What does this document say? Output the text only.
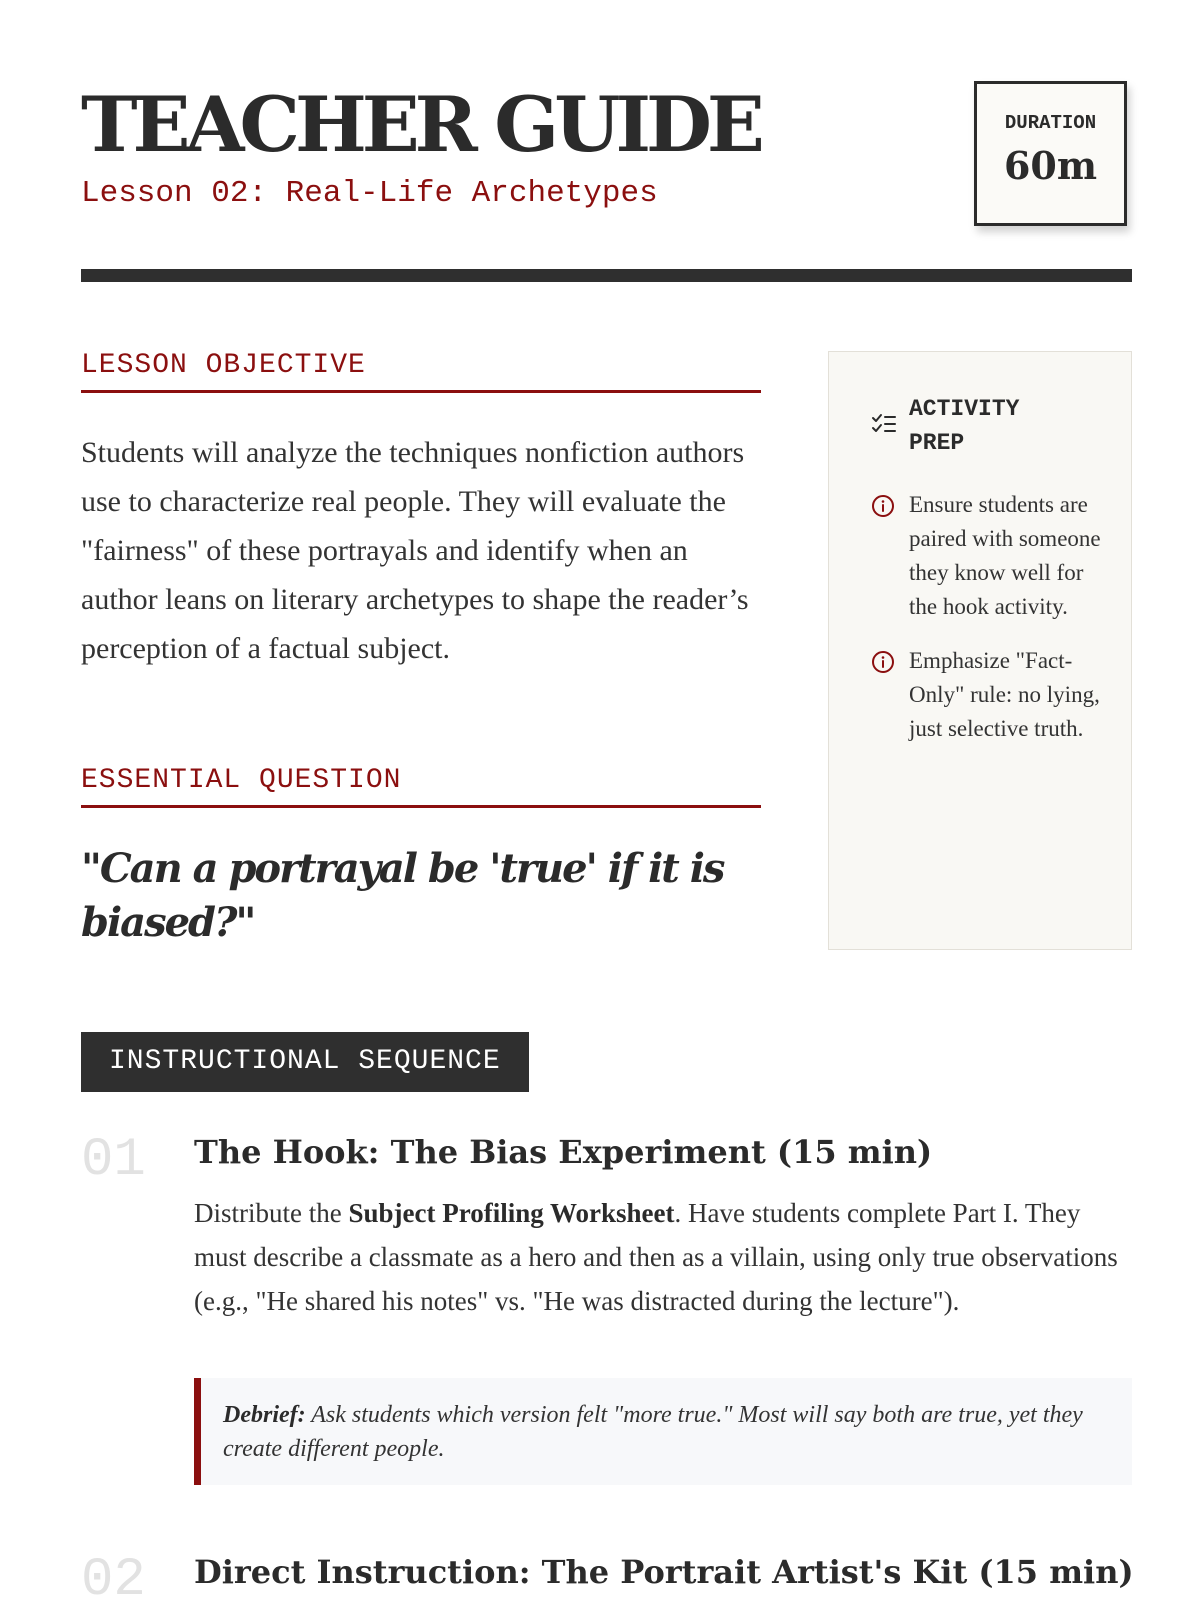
TEACHER GUIDE
Lesson 02: Real-Life Archetypes
DURATION
60m
LESSON OBJECTIVE
Students will analyze the techniques nonfiction authors use to characterize real people. They will evaluate the "fairness" of these portrayals and identify when an author leans on literary archetypes to shape the reader’s perception of a factual subject.
ESSENTIAL QUESTION
"Can a portrayal be 'true' if it is biased?"
ACTIVITY PREP
Ensure students are paired with someone they know well for the hook activity.
Emphasize "Fact-Only" rule: no lying, just selective truth.
INSTRUCTIONAL SEQUENCE
01 The Hook: The Bias Experiment (15 min)
Distribute the Subject Profiling Worksheet. Have students complete Part I. They must describe a classmate as a hero and then as a villain, using only true observations (e.g., "He shared his notes" vs. "He was distracted during the lecture").
Debrief: Ask students which version felt "more true." Most will say both are true, yet they create different people.
02 Direct Instruction: The Portrait Artist's Kit (15 min)
